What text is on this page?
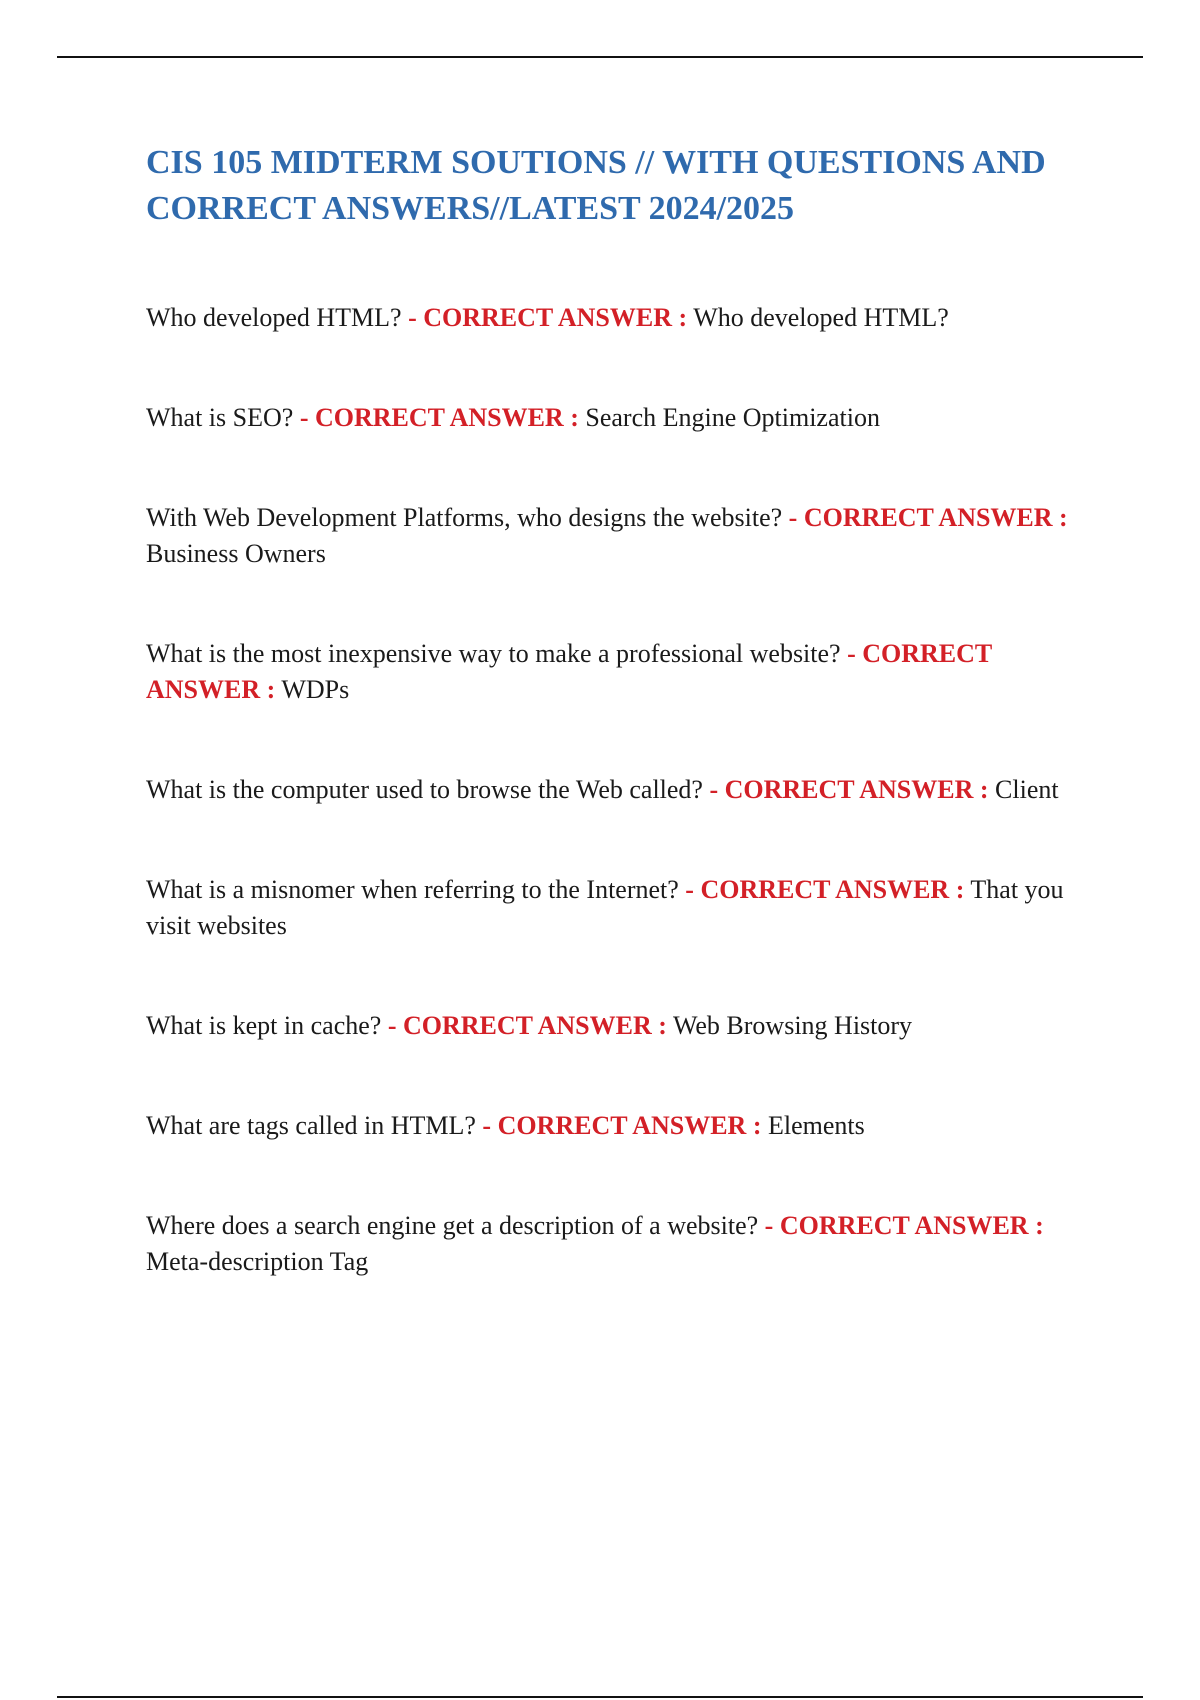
CIS 105 MIDTERM SOUTIONS // WITH QUESTIONS AND CORRECT ANSWERS//LATEST 2024/2025

Who developed HTML? - CORRECT ANSWER : Who developed HTML?

What is SEO? - CORRECT ANSWER : Search Engine Optimization

With Web Development Platforms, who designs the website? - CORRECT ANSWER : Business Owners

What is the most inexpensive way to make a professional website? - CORRECT ANSWER : WDPs

What is the computer used to browse the Web called? - CORRECT ANSWER : Client

What is a misnomer when referring to the Internet? - CORRECT ANSWER : That you visit websites

What is kept in cache? - CORRECT ANSWER : Web Browsing History

What are tags called in HTML? - CORRECT ANSWER : Elements

Where does a search engine get a description of a website? - CORRECT ANSWER : Meta-description Tag
